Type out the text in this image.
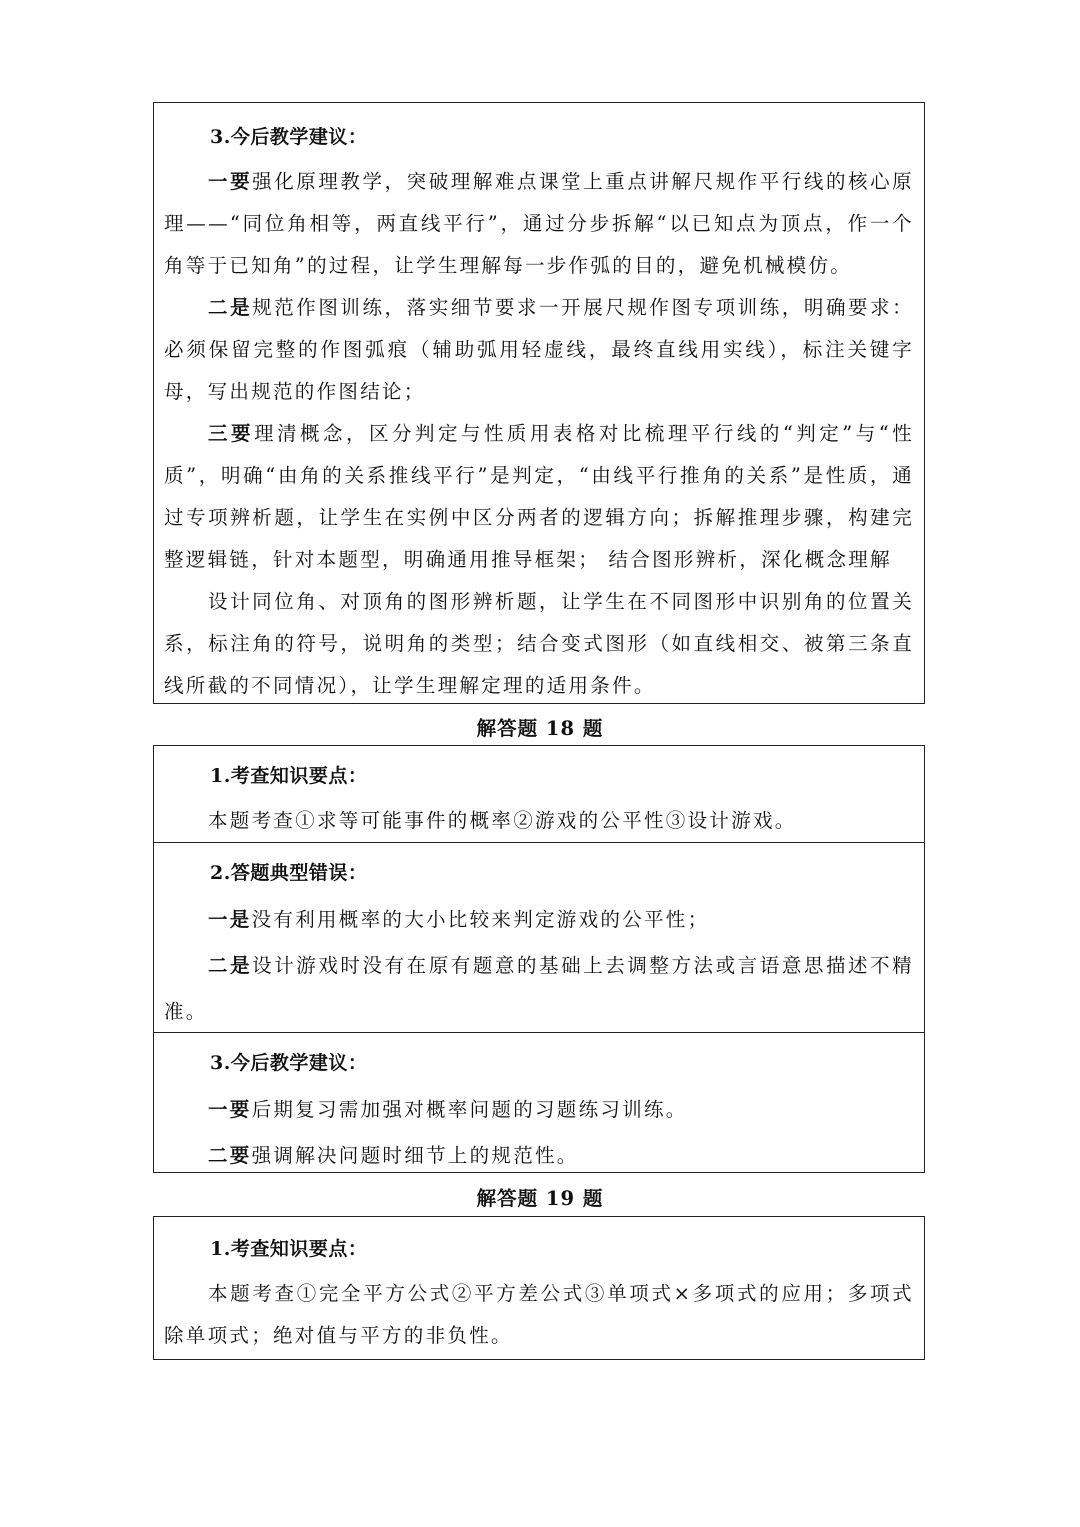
3.今后教学建议：

一要强化原理教学，突破理解难点课堂上重点讲解尺规作平行线的核心原理——“同位角相等，两直线平行”，通过分步拆解“以已知点为顶点，作一个角等于已知角”的过程，让学生理解每一步作弧的目的，避免机械模仿。

二是规范作图训练，落实细节要求一开展尺规作图专项训练，明确要求：必须保留完整的作图弧痕（辅助弧用轻虚线，最终直线用实线），标注关键字母，写出规范的作图结论；

三要理清概念，区分判定与性质用表格对比梳理平行线的“判定”与“性质”，明确“由角的关系推线平行”是判定，“由线平行推角的关系”是性质，通过专项辨析题，让学生在实例中区分两者的逻辑方向；拆解推理步骤，构建完整逻辑链，针对本题型，明确通用推导框架； 结合图形辨析，深化概念理解

设计同位角、对顶角的图形辨析题，让学生在不同图形中识别角的位置关系，标注角的符号，说明角的类型；结合变式图形（如直线相交、被第三条直线所截的不同情况），让学生理解定理的适用条件。

解答题 18 题
1.考查知识要点：

本题考查①求等可能事件的概率②游戏的公平性③设计游戏。

2.答题典型错误：

一是没有利用概率的大小比较来判定游戏的公平性；

二是设计游戏时没有在原有题意的基础上去调整方法或言语意思描述不精准。

3.今后教学建议：

一要后期复习需加强对概率问题的习题练习训练。

二要强调解决问题时细节上的规范性。

解答题 19 题
1.考查知识要点：

本题考查①完全平方公式②平方差公式③单项式×多项式的应用；多项式除单项式；绝对值与平方的非负性。
